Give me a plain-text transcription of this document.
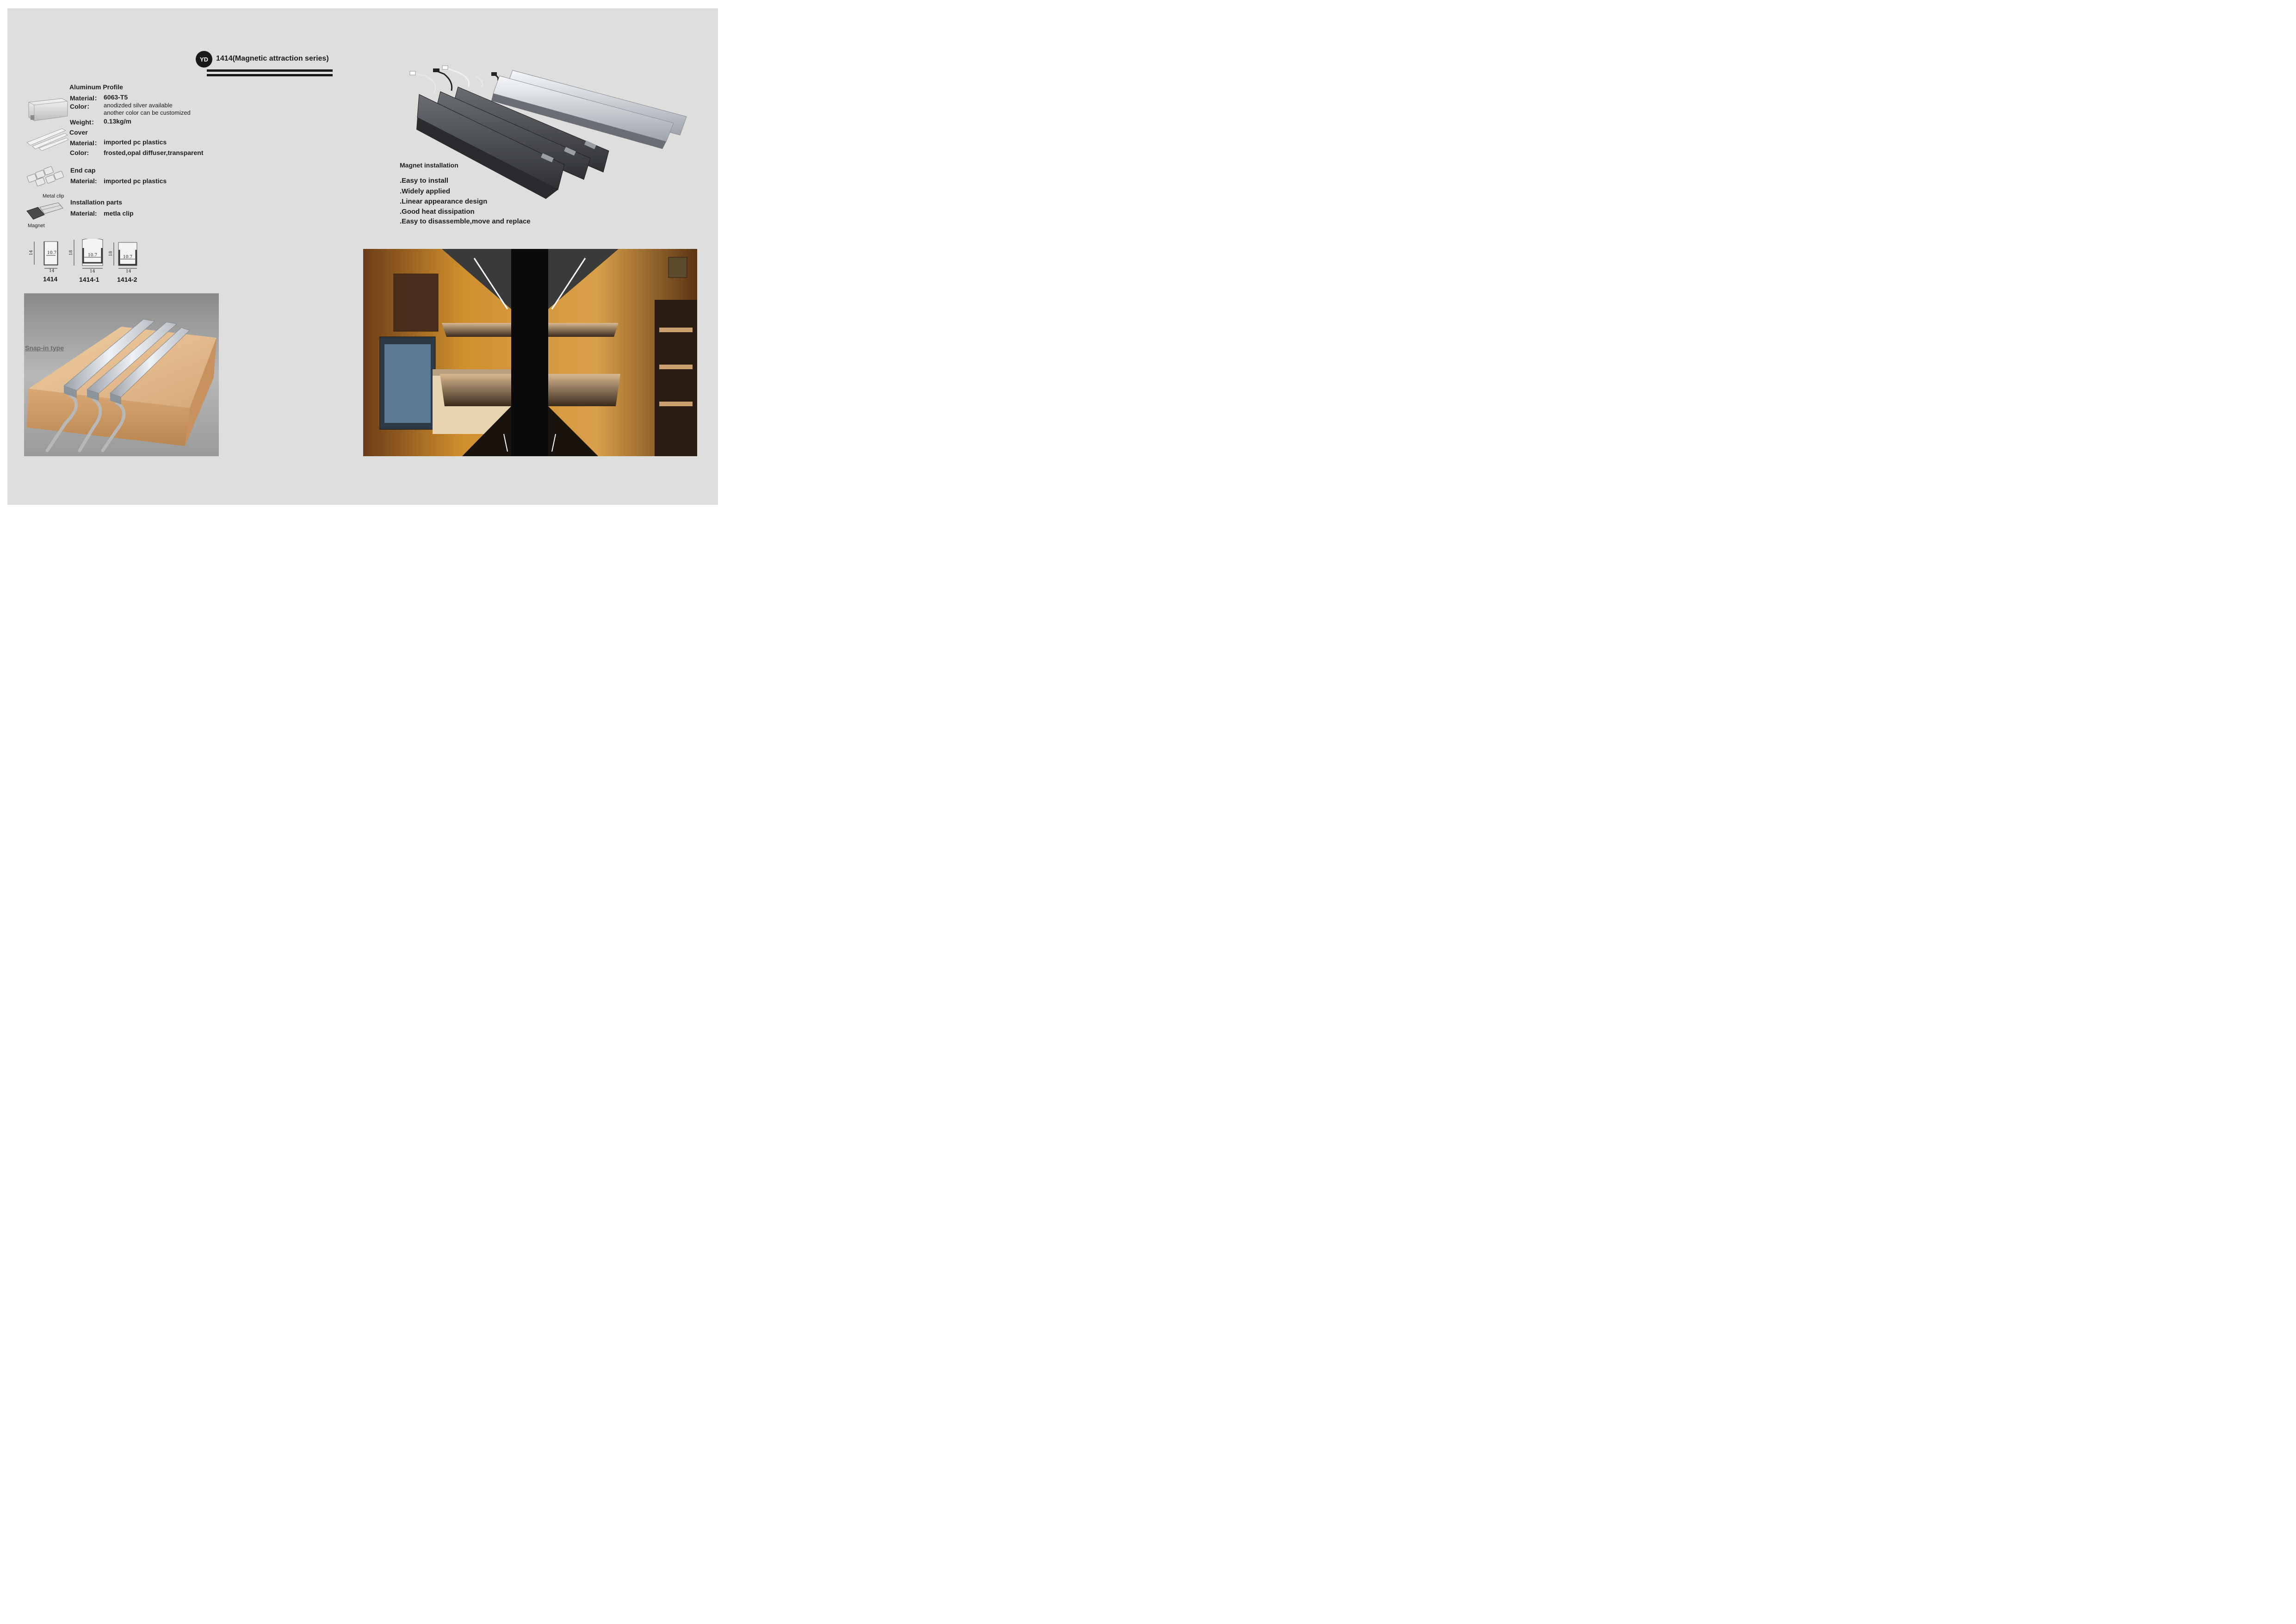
YD	1414(Magnetic attraction series)
Metal clip
Magnet
Aluminum Profile
Material： 6063-T5
Color： anodizded silver available
another color can be customized
Weight： 0.13kg/m
Cover
Material： imported pc plastics
Color: frosted,opal diffuser,transparent
End cap
Material: imported pc plastics
Installation parts
Material: metla clip
14	10.7
14
18	10.7
14
18
10.7
14
1414	1414-1	1414-2
Snap-in type
Magnet installation
.Easy to install
.Widely applied
.Linear appearance design
.Good heat dissipation
.Easy to disassemble,move and replace
